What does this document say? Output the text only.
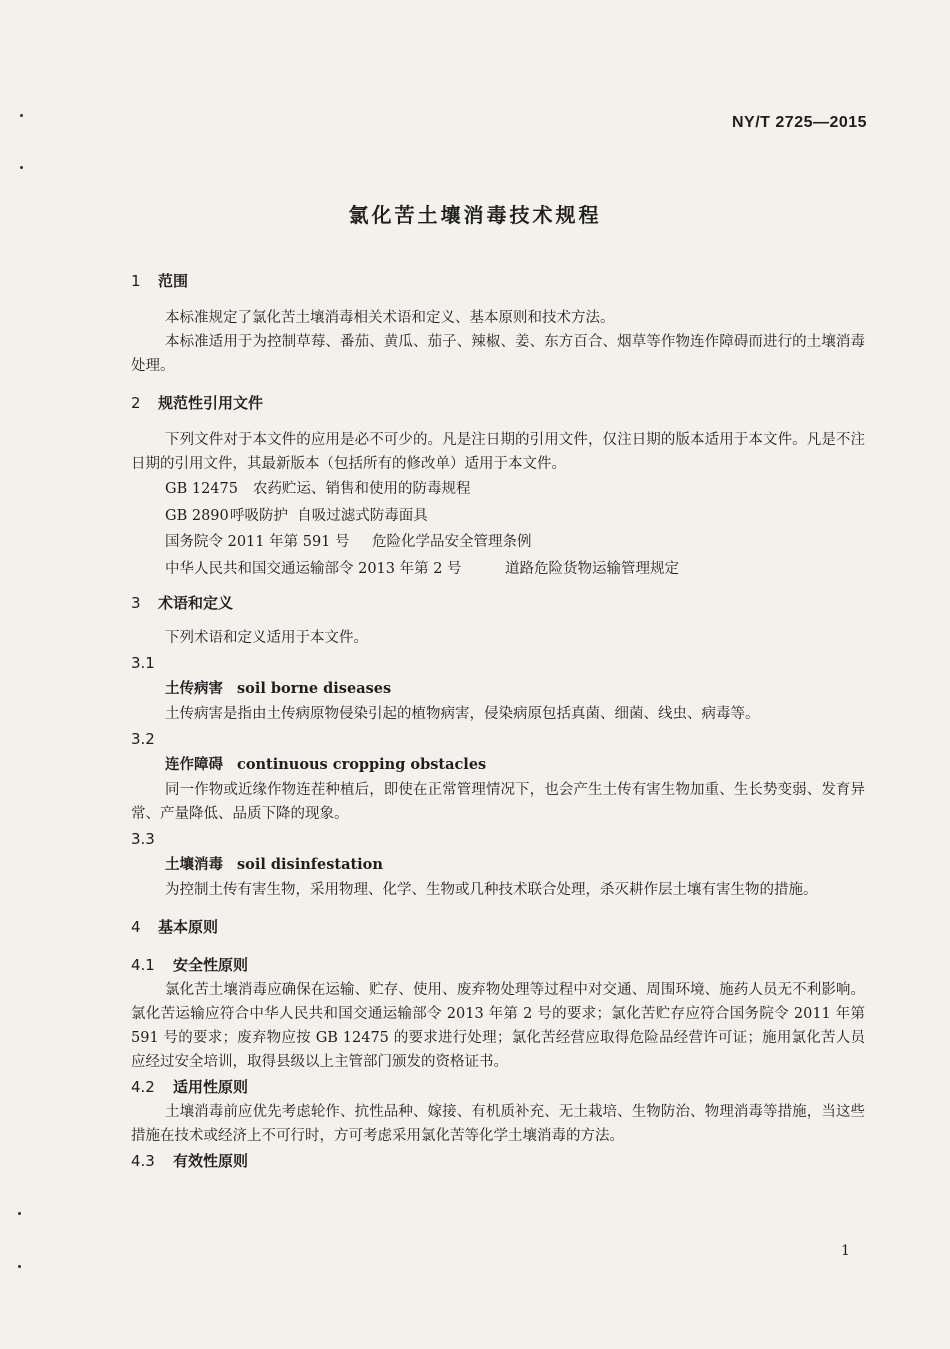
NY/T 2725—2015
氯化苦土壤消毒技术规程
1 范围

本标准规定了氯化苦土壤消毒相关术语和定义、基本原则和技术方法。

本标准适用于为控制草莓、番茄、黄瓜、茄子、辣椒、姜、东方百合、烟草等作物连作障碍而进行的土壤消毒处理。

2 规范性引用文件

下列文件对于本文件的应用是必不可少的。凡是注日期的引用文件，仅注日期的版本适用于本文件。凡是不注日期的引用文件，其最新版本（包括所有的修改单）适用于本文件。

GB 12475 农药贮运、销售和使用的防毒规程
GB 2890呼吸防护  自吸过滤式防毒面具
国务院令 2011 年第 591 号 危险化学品安全管理条例
中华人民共和国交通运输部令 2013 年第 2 号	道路危险货物运输管理规定
3 术语和定义

下列术语和定义适用于本文件。

3.1
土传病害 soil borne diseases

土传病害是指由土传病原物侵染引起的植物病害，侵染病原包括真菌、细菌、线虫、病毒等。

3.2
连作障碍 continuous cropping obstacles

同一作物或近缘作物连茬种植后，即使在正常管理情况下，也会产生土传有害生物加重、生长势变弱、发育异常、产量降低、品质下降的现象。

3.3
土壤消毒 soil disinfestation

为控制土传有害生物，采用物理、化学、生物或几种技术联合处理，杀灭耕作层土壤有害生物的措施。

4 基本原则
4.1 安全性原则

氯化苦土壤消毒应确保在运输、贮存、使用、废弃物处理等过程中对交通、周围环境、施药人员无不利影响。氯化苦运输应符合中华人民共和国交通运输部令 2013 年第 2 号的要求；氯化苦贮存应符合国务院令 2011 年第 591 号的要求；废弃物应按 GB 12475 的要求进行处理；氯化苦经营应取得危险品经营许可证；施用氯化苦人员应经过安全培训，取得县级以上主管部门颁发的资格证书。

4.2 适用性原则

土壤消毒前应优先考虑轮作、抗性品种、嫁接、有机质补充、无土栽培、生物防治、物理消毒等措施，当这些措施在技术或经济上不可行时，方可考虑采用氯化苦等化学土壤消毒的方法。

4.3 有效性原则
1
